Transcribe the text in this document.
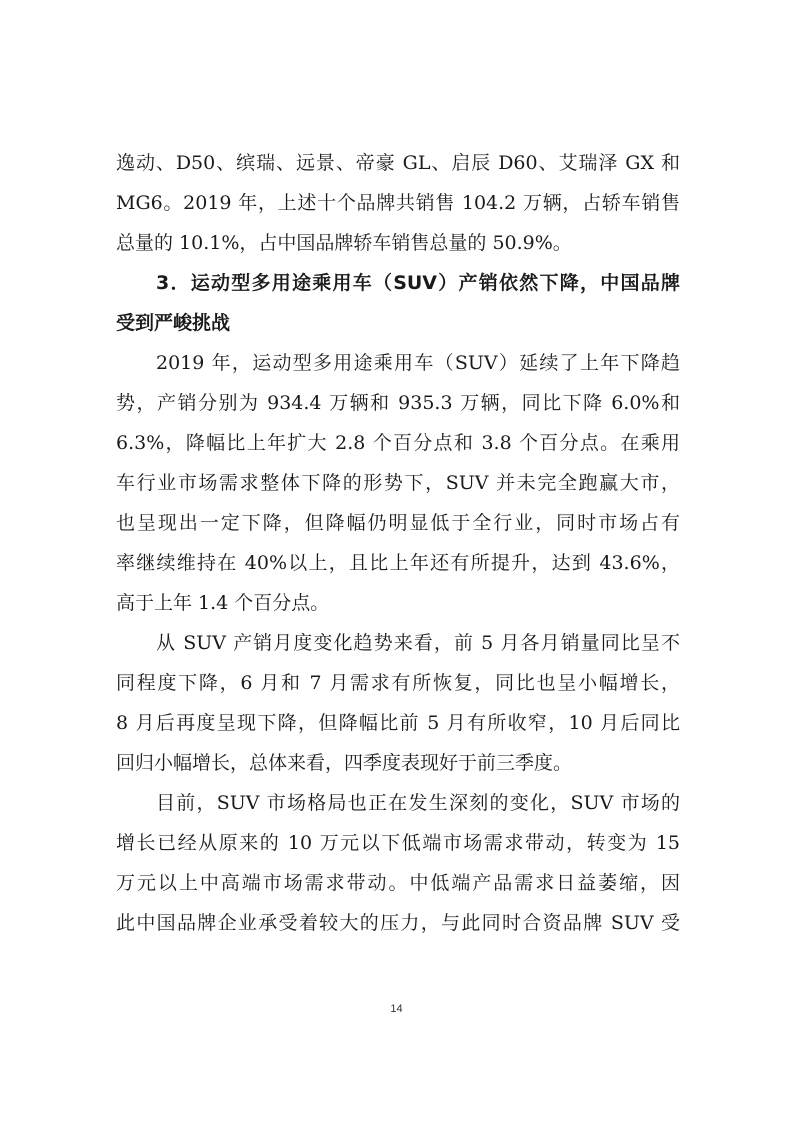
逸动、D50、缤瑞、远景、帝豪 GL、启辰 D60、艾瑞泽 GX 和
MG6。2019 年，上述十个品牌共销售 104.2 万辆，占轿车销售
总量的 10.1%，占中国品牌轿车销售总量的 50.9%。
3．运动型多用途乘用车（SUV）产销依然下降，中国品牌
受到严峻挑战
2019 年，运动型多用途乘用车（SUV）延续了上年下降趋
势，产销分别为 934.4 万辆和 935.3 万辆，同比下降 6.0%和
6.3%，降幅比上年扩大 2.8 个百分点和 3.8 个百分点。在乘用
车行业市场需求整体下降的形势下，SUV 并未完全跑赢大市，
也呈现出一定下降，但降幅仍明显低于全行业，同时市场占有
率继续维持在 40%以上，且比上年还有所提升，达到 43.6%，
高于上年 1.4 个百分点。
从 SUV 产销月度变化趋势来看，前 5 月各月销量同比呈不
同程度下降，6 月和 7 月需求有所恢复，同比也呈小幅增长，
8 月后再度呈现下降，但降幅比前 5 月有所收窄，10 月后同比
回归小幅增长，总体来看，四季度表现好于前三季度。
目前，SUV 市场格局也正在发生深刻的变化，SUV 市场的
增长已经从原来的 10 万元以下低端市场需求带动，转变为 15
万元以上中高端市场需求带动。中低端产品需求日益萎缩，因
此中国品牌企业承受着较大的压力，与此同时合资品牌 SUV 受
14
